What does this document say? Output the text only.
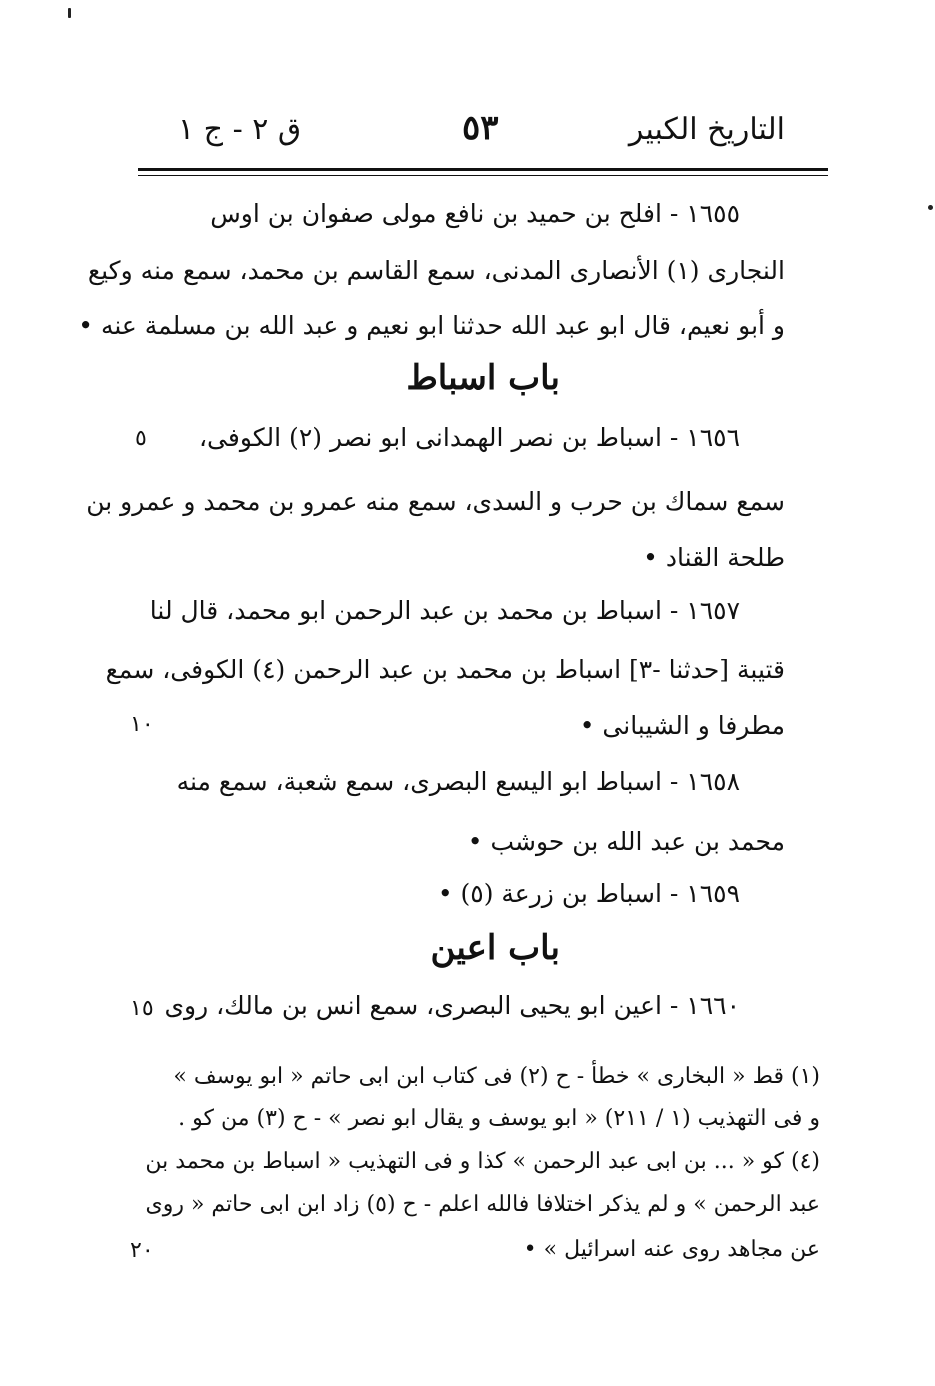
التاريخ الكبير
٥٣
ق ٢ - ج ١
١٦٥٥ - افلح بن حميد بن نافع مولى صفوان بن اوس
النجارى (١) الأنصارى المدنى، سمع القاسم بن محمد، سمع منه وكيع
و أبو نعيم، قال ابو عبد الله حدثنا ابو نعيم و عبد الله بن مسلمة عنه •
باب اسباط
١٦٥٦ - اسباط بن نصر الهمدانى ابو نصر (٢) الكوفى،
سمع سماك بن حرب و السدى، سمع منه عمرو بن محمد و عمرو بن
طلحة القناد •
١٦٥٧ - اسباط بن محمد بن عبد الرحمن ابو محمد، قال لنا
قتيبة [حدثنا -٣] اسباط بن محمد بن عبد الرحمن (٤) الكوفى، سمع
مطرفا و الشيبانى •
١٦٥٨ - اسباط ابو اليسع البصرى، سمع شعبة، سمع منه
محمد بن عبد الله بن حوشب •
١٦٥٩ - اسباط بن زرعة (٥) •
باب اعين
١٦٦٠ - اعين ابو يحيى البصرى، سمع انس بن مالك، روى
(١) قط « البخارى » خطأ - ح (٢) فى كتاب ابن ابى حاتم « ابو يوسف »
و فى التهذيب (١ / ٢١١) « ابو يوسف و يقال ابو نصر » - ح (٣) من كو .
(٤) كو « ... بن ابى عبد الرحمن » كذا و فى التهذيب « اسباط بن محمد بن
عبد الرحمن » و لم يذكر اختلافا فالله اعلم - ح (٥) زاد ابن ابى حاتم « روى
عن مجاهد روى عنه اسرائيل » •
٥
١٠
١٥
٢٠
